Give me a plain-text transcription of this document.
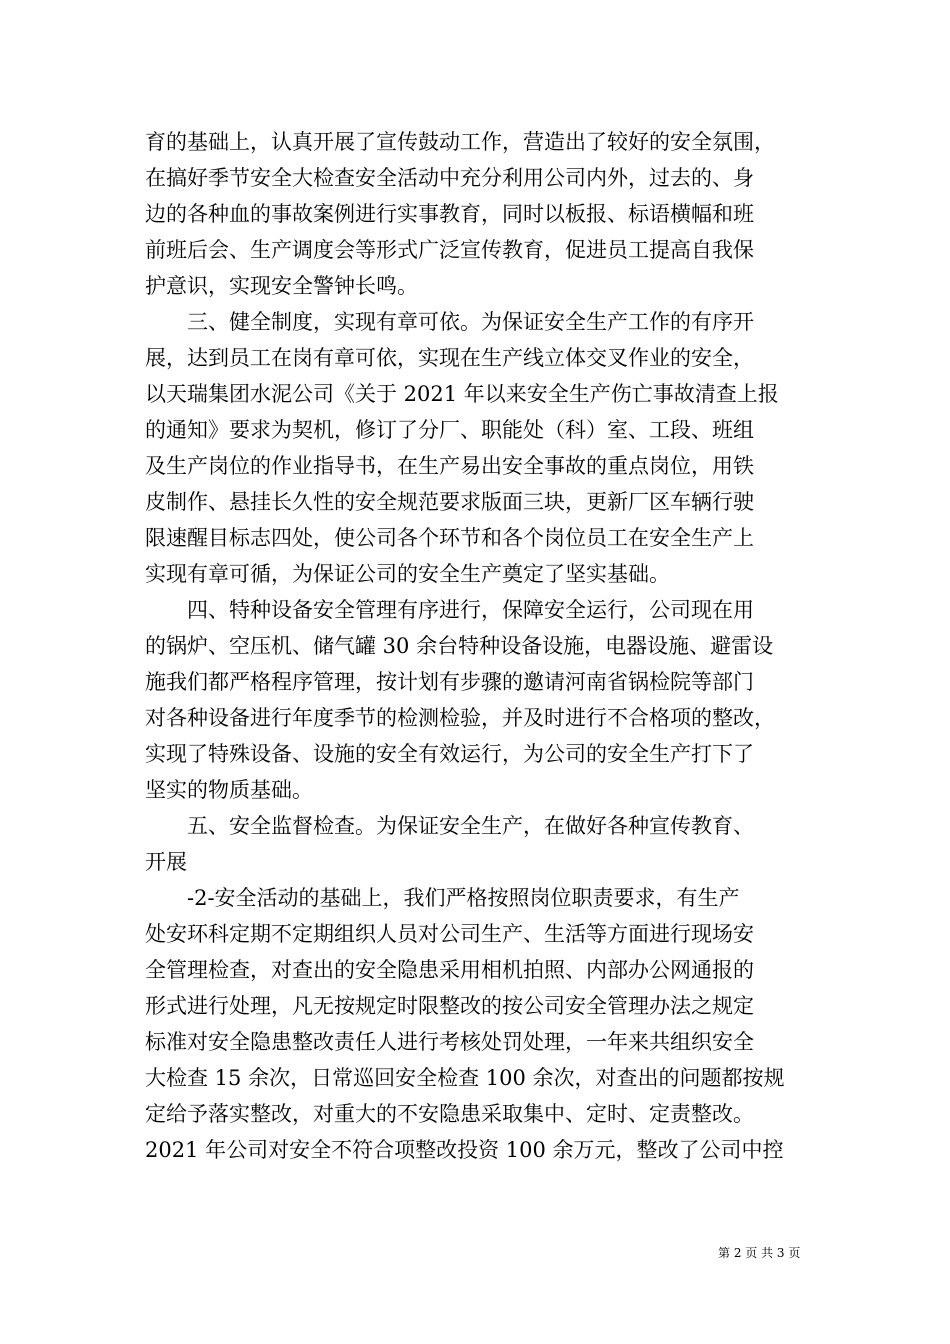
育的基础上，认真开展了宣传鼓动工作，营造出了较好的安全氛围，
在搞好季节安全大检查安全活动中充分利用公司内外，过去的、身
边的各种血的事故案例进行实事教育，同时以板报、标语横幅和班
前班后会、生产调度会等形式广泛宣传教育，促进员工提高自我保
护意识，实现安全警钟长鸣。
三、健全制度，实现有章可依。为保证安全生产工作的有序开
展，达到员工在岗有章可依，实现在生产线立体交叉作业的安全，
以天瑞集团水泥公司《关于 2021 年以来安全生产伤亡事故清查上报
的通知》要求为契机，修订了分厂、职能处（科）室、工段、班组
及生产岗位的作业指导书，在生产易出安全事故的重点岗位，用铁
皮制作、悬挂长久性的安全规范要求版面三块，更新厂区车辆行驶
限速醒目标志四处，使公司各个环节和各个岗位员工在安全生产上
实现有章可循，为保证公司的安全生产奠定了坚实基础。
四、特种设备安全管理有序进行，保障安全运行，公司现在用
的锅炉、空压机、储气罐 30 余台特种设备设施，电器设施、避雷设
施我们都严格程序管理，按计划有步骤的邀请河南省锅检院等部门
对各种设备进行年度季节的检测检验，并及时进行不合格项的整改，
实现了特殊设备、设施的安全有效运行，为公司的安全生产打下了
坚实的物质基础。
五、安全监督检查。为保证安全生产，在做好各种宣传教育、
开展
-2-安全活动的基础上，我们严格按照岗位职责要求，有生产
处安环科定期不定期组织人员对公司生产、生活等方面进行现场安
全管理检查，对查出的安全隐患采用相机拍照、内部办公网通报的
形式进行处理，凡无按规定时限整改的按公司安全管理办法之规定
标准对安全隐患整改责任人进行考核处罚处理，一年来共组织安全
大检查 15 余次，日常巡回安全检查 100 余次，对查出的问题都按规
定给予落实整改，对重大的不安隐患采取集中、定时、定责整改。
2021 年公司对安全不符合项整改投资 100 余万元，整改了公司中控
第 2 页 共 3 页
